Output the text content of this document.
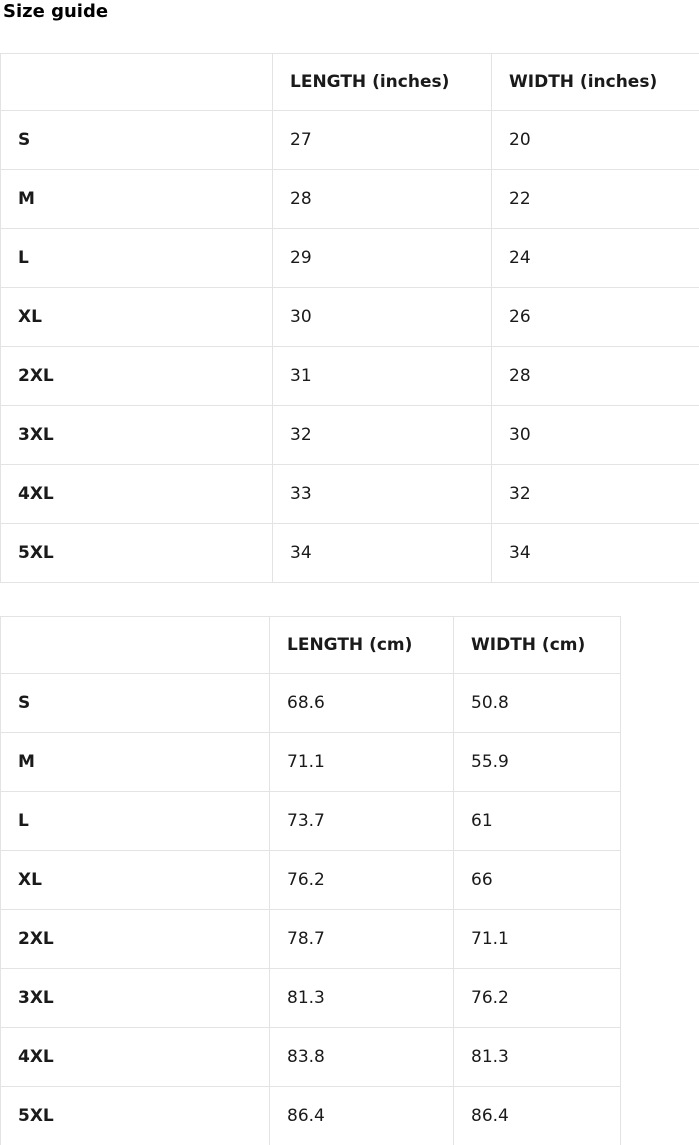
Size guide
	LENGTH (inches)	WIDTH (inches)
S	27	20
M	28	22
L	29	24
XL	30	26
2XL	31	28
3XL	32	30
4XL	33	32
5XL	34	34
	LENGTH (cm)	WIDTH (cm)
S	68.6	50.8
M	71.1	55.9
L	73.7	61
XL	76.2	66
2XL	78.7	71.1
3XL	81.3	76.2
4XL	83.8	81.3
5XL	86.4	86.4
